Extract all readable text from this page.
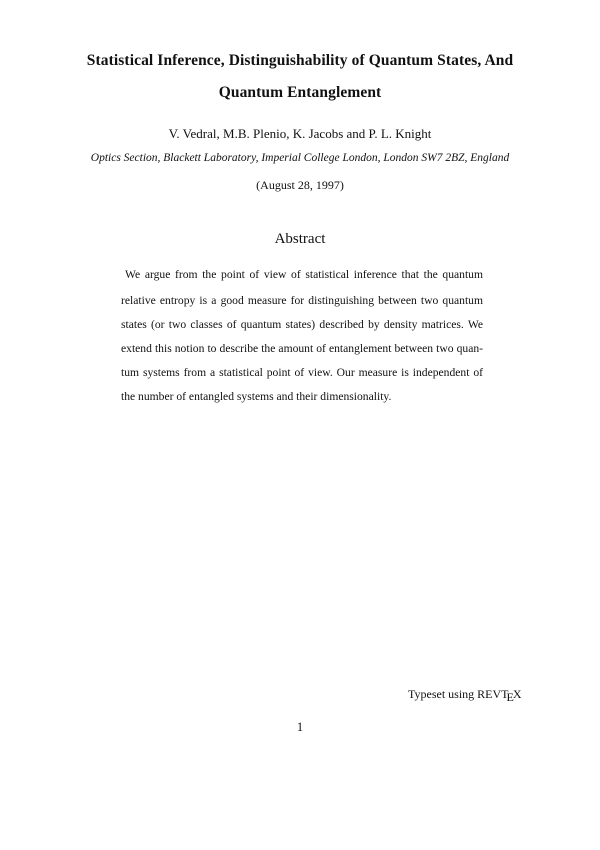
Statistical Inference, Distinguishability of Quantum States, And
Quantum Entanglement
V. Vedral, M.B. Plenio, K. Jacobs and P. L. Knight
Optics Section, Blackett Laboratory, Imperial College London, London SW7 2BZ, England
(August 28, 1997)
Abstract
We argue from the point of view of statistical inference that the quantum
relative entropy is a good measure for distinguishing between two quantum
states (or two classes of quantum states) described by density matrices. We
extend this notion to describe the amount of entanglement between two quan-
tum systems from a statistical point of view. Our measure is independent of
the number of entangled systems and their dimensionality.
Typeset using REVTEX
1
